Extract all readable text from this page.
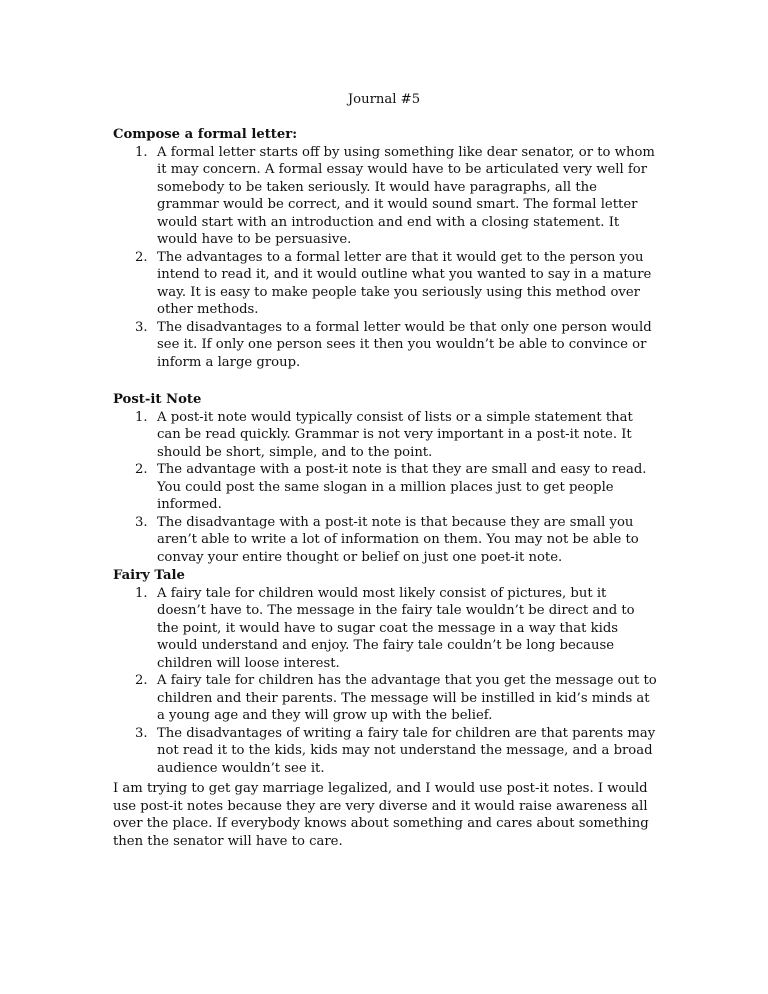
Journal #5
Compose a formal letter:
1. A formal letter starts off by using something like dear senator, or to whom it may concern. A formal essay would have to be articulated very well for somebody to be taken seriously. It would have paragraphs, all the grammar would be correct, and it would sound smart. The formal letter would start with an introduction and end with a closing statement. It would have to be persuasive.
2. The advantages to a formal letter are that it would get to the person you intend to read it, and it would outline what you wanted to say in a mature way. It is easy to make people take you seriously using this method over other methods.
3. The disadvantages to a formal letter would be that only one person would see it. If only one person sees it then you wouldn’t be able to convince or inform a large group.
Post-it Note
1. A post-it note would typically consist of lists or a simple statement that can be read quickly. Grammar is not very important in a post-it note. It should be short, simple, and to the point.
2. The advantage with a post-it note is that they are small and easy to read. You could post the same slogan in a million places just to get people informed.
3. The disadvantage with a post-it note is that because they are small you aren’t able to write a lot of information on them. You may not be able to convay your entire thought or belief on just one poet-it note.
Fairy Tale
1. A fairy tale for children would most likely consist of pictures, but it doesn’t have to. The message in the fairy tale wouldn’t be direct and to the point, it would have to sugar coat the message in a way that kids would understand and enjoy. The fairy tale couldn’t be long because children will loose interest.
2. A fairy tale for children has the advantage that you get the message out to children and their parents. The message will be instilled in kid’s minds at a young age and they will grow up with the belief.
3. The disadvantages of writing a fairy tale for children are that parents may not read it to the kids, kids may not understand the message, and a broad audience wouldn’t see it.

I am trying to get gay marriage legalized, and I would use post-it notes. I would use post-it notes because they are very diverse and it would raise awareness all over the place. If everybody knows about something and cares about something then the senator will have to care.
